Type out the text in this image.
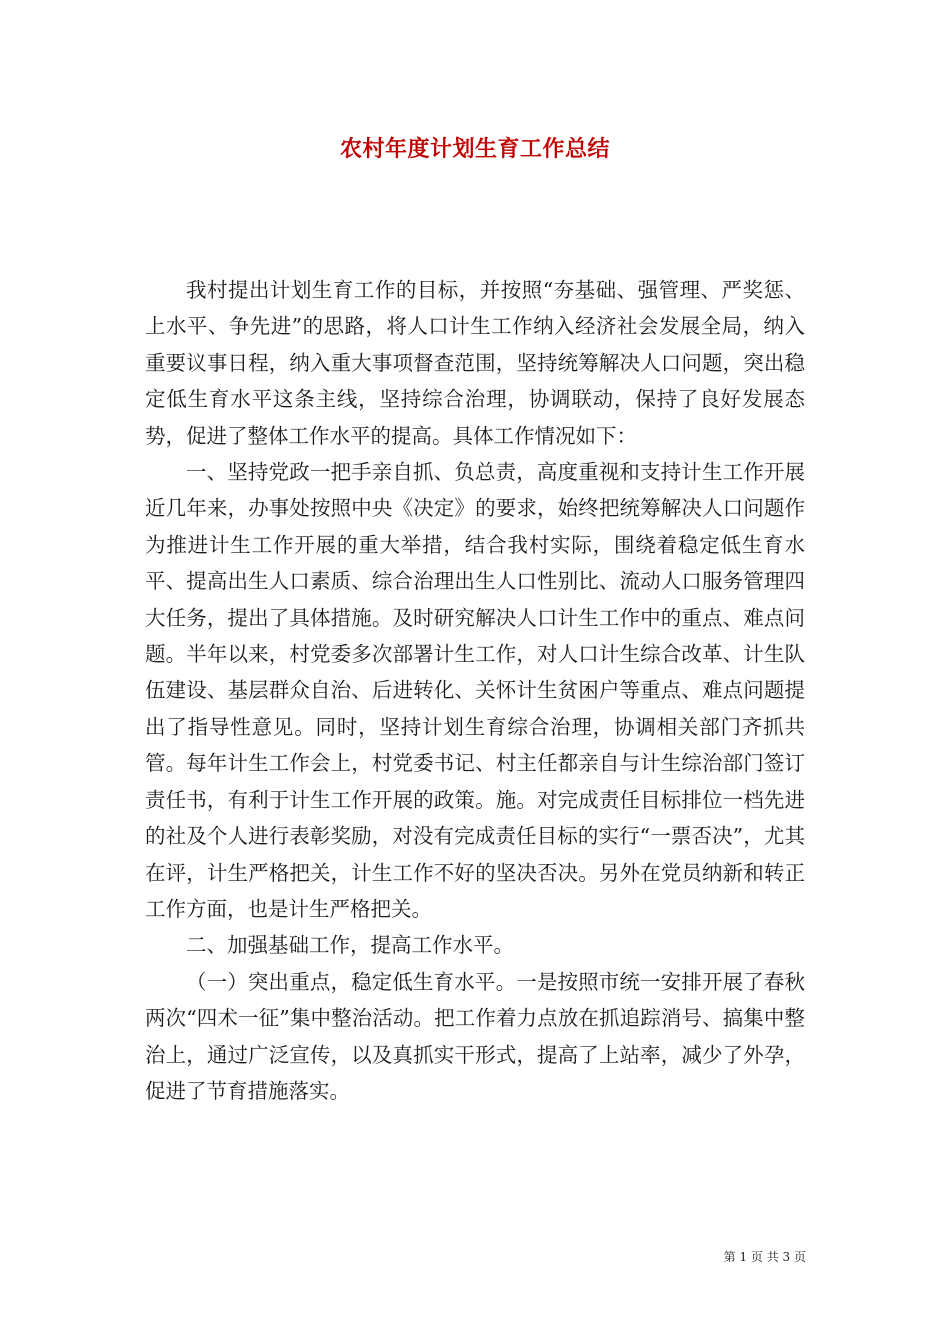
农村年度计划生育工作总结

我村提出计划生育工作的目标，并按照“夯基础、强管理、严奖惩、上水平、争先进”的思路，将人口计生工作纳入经济社会发展全局，纳入重要议事日程，纳入重大事项督查范围，坚持统筹解决人口问题，突出稳定低生育水平这条主线，坚持综合治理，协调联动，保持了良好发展态势，促进了整体工作水平的提高。具体工作情况如下：

一、坚持党政一把手亲自抓、负总责，高度重视和支持计生工作开展近几年来，办事处按照中央《决定》的要求，始终把统筹解决人口问题作为推进计生工作开展的重大举措，结合我村实际，围绕着稳定低生育水平、提高出生人口素质、综合治理出生人口性别比、流动人口服务管理四大任务，提出了具体措施。及时研究解决人口计生工作中的重点、难点问题。半年以来，村党委多次部署计生工作，对人口计生综合改革、计生队伍建设、基层群众自治、后进转化、关怀计生贫困户等重点、难点问题提出了指导性意见。同时，坚持计划生育综合治理，协调相关部门齐抓共管。每年计生工作会上，村党委书记、村主任都亲自与计生综治部门签订责任书，有利于计生工作开展的政策。施。对完成责任目标排位一档先进的社及个人进行表彰奖励，对没有完成责任目标的实行“一票否决”，尤其在评，计生严格把关，计生工作不好的坚决否决。另外在党员纳新和转正工作方面，也是计生严格把关。

二、加强基础工作，提高工作水平。

（一）突出重点，稳定低生育水平。一是按照市统一安排开展了春秋两次“四术一征”集中整治活动。把工作着力点放在抓追踪消号、搞集中整治上，通过广泛宣传，以及真抓实干形式，提高了上站率，减少了外孕，促进了节育措施落实。

第 1 页 共 3 页
